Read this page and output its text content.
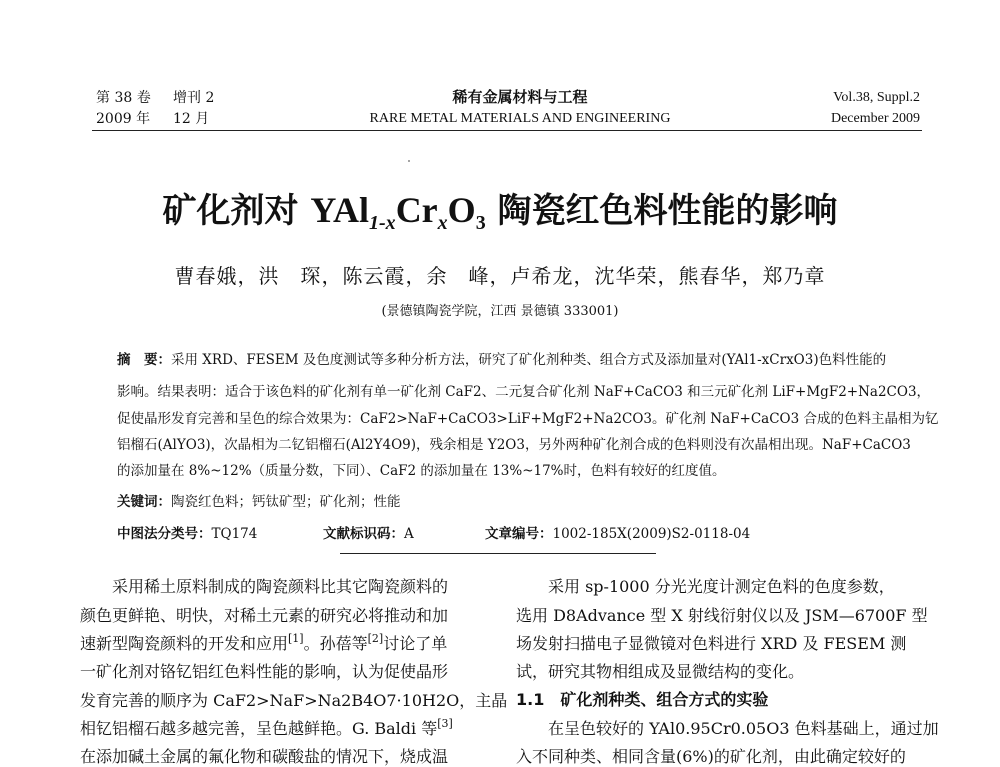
第 38 卷 增刊 2
2009 年 12 月
稀有金属材料与工程
RARE METAL MATERIALS AND ENGINEERING
Vol.38, Suppl.2
December 2009
矿化剂对 $YAl_{1-x}Cr_xO_3$ 陶瓷红色料性能的影响
曹春娥，洪　琛，陈云霞，余　峰，卢希龙，沈华荣，熊春华，郑乃章
(景德镇陶瓷学院，江西 景德镇 333001)
摘　要：采用 XRD、FESEM 及色度测试等多种分析方法，研究了矿化剂种类、组合方式及添加量对(YAl1-xCrxO3)色料性能的
影响。结果表明：适合于该色料的矿化剂有单一矿化剂 CaF2、二元复合矿化剂 NaF+CaCO3 和三元矿化剂 LiF+MgF2+Na2CO3，
促使晶形发育完善和呈色的综合效果为：CaF2>NaF+CaCO3>LiF+MgF2+Na2CO3。矿化剂 NaF+CaCO3 合成的色料主晶相为钇
铝榴石(AlYO3)，次晶相为二钇铝榴石(Al2Y4O9)，残余相是 Y2O3，另外两种矿化剂合成的色料则没有次晶相出现。NaF+CaCO3
的添加量在 8%~12%（质量分数，下同）、CaF2 的添加量在 13%~17%时，色料有较好的红度值。
关键词：陶瓷红色料；钙钛矿型；矿化剂；性能
中图法分类号：TQ174	文献标识码：A	文章编号：1002-185X(2009)S2-0118-04
　　采用稀土原料制成的陶瓷颜料比其它陶瓷颜料的
颜色更鲜艳、明快，对稀土元素的研究必将推动和加
速新型陶瓷颜料的开发和应用[1]。孙蓓等[2]讨论了单
一矿化剂对铬钇铝红色料性能的影响，认为促使晶形
发育完善的顺序为 CaF2>NaF>Na2B4O7·10H2O，主晶
相钇铝榴石越多越完善，呈色越鲜艳。G. Baldi 等[3]
在添加碱土金属的氟化物和碳酸盐的情况下，烧成温
　　采用 sp-1000 分光光度计测定色料的色度参数，
选用 D8Advance 型 X 射线衍射仪以及 JSM—6700F 型
场发射扫描电子显微镜对色料进行 XRD 及 FESEM 测
试，研究其物相组成及显微结构的变化。
1.1　矿化剂种类、组合方式的实验
　　在呈色较好的 YAl0.95Cr0.05O3 色料基础上，通过加
入不同种类、相同含量(6%)的矿化剂，由此确定较好的
